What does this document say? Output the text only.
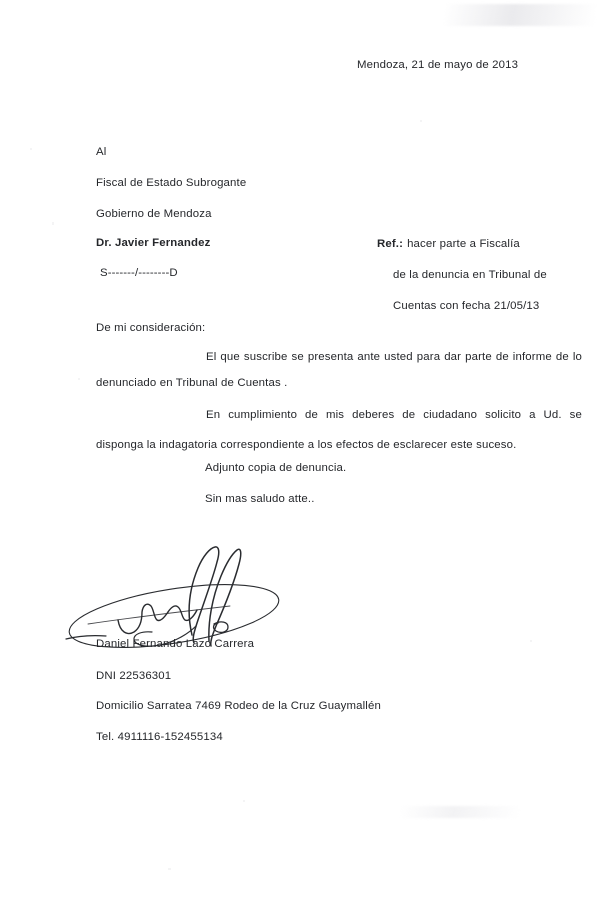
Mendoza, 21 de mayo de 2013
Al
Fiscal de Estado Subrogante
Gobierno de Mendoza
Dr. Javier Fernandez
S-------/--------D
Ref.: hacer parte a Fiscalía
de la denuncia en Tribunal de
Cuentas con fecha 21/05/13
De mi consideración:
El que suscribe se presenta ante usted para dar parte de informe de lo denunciado en Tribunal de Cuentas .
En cumplimiento de mis deberes de ciudadano solicito a Ud. se disponga la indagatoria correspondiente a los efectos de esclarecer este suceso.
Adjunto copia de denuncia.
Sin mas saludo atte..
Daniel Fernando Lazo Carrera
DNI 22536301
Domicilio Sarratea 7469 Rodeo de la Cruz Guaymallén
Tel. 4911116-152455134
